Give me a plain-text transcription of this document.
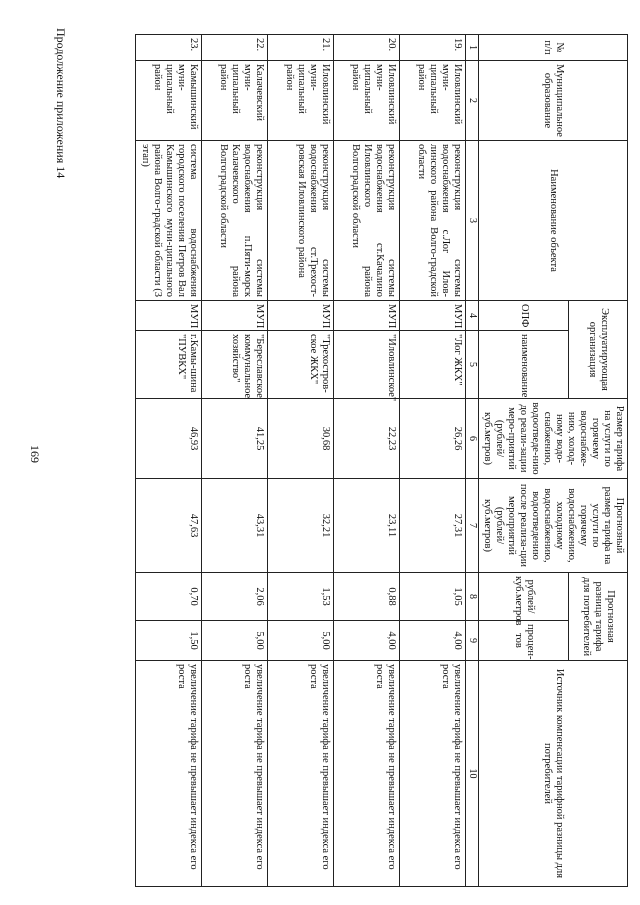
169
Продолжение приложения 14	№ п/п	Муниципальное образование	Наименование объекта	Эксплуатирующая организация		Размер тарифа на услуги по горячему водоснабже-нию, холод-ному водо-снабжению, водоотведе-нию до реали-зации меро-приятий (рублей/ куб.метров)	Прогнозный размер тарифа на услуги по горячему водоснабжению, холодному водоснабжению, водоотведению после реализа-ции мероприятий (рублей/ куб.метров)	Прогнозная разница тарифа для потребителей		Источник компенсации тарифной разницы для потребителей
			ОПФ	наименование			рублей/ куб.метров	процен-тов	
1	2	3	4	5	6	7	8	9	10
19.	Иловлинский муни-ципальный район	реконструкция системы водоснабжения с.Лог Илов-линского района Волго-градской области	МУП	"Лог ЖКХ"	26,26	27,31	1,05	4,00	увеличение тарифа не превышает индекса его роста
20.	Иловлинский муни-ципальный район	реконструкция системы водоснабжения ст.Качалино Иловлинского района Волгоградской области	МУП	"Иловлинское"	22,23	23,11	0,88	4,00	увеличение тарифа не превышает индекса его роста
21.	Иловлинский муни-ципальный район	реконструкция системы водоснабжения ст.Трехост-ровская Иловлинского района	МУП	"Трехостров-ское ЖКХ"	30,68	32,21	1,53	5,00	увеличение тарифа не превышает индекса его роста
22.	Калачевский муни-ципальный район	реконструкция системы водоснабжения п.Пяти-морск Калачевского района Волгоградской области	МУП	"Береславское коммунальное хозяйство"	41,25	43,31	2,06	5,00	увеличение тарифа не превышает индекса его роста
23.	Камышинский муни-ципальный район	система водоснабжения городского поселения Петров Вал Камышинского муни-ципального района Волго-градской области (3 этап)	МУП	г.Камы-шина "ПУВКХ"	46,93	47,63	0,70	1,50	увеличение тарифа не превышает индекса его роста
